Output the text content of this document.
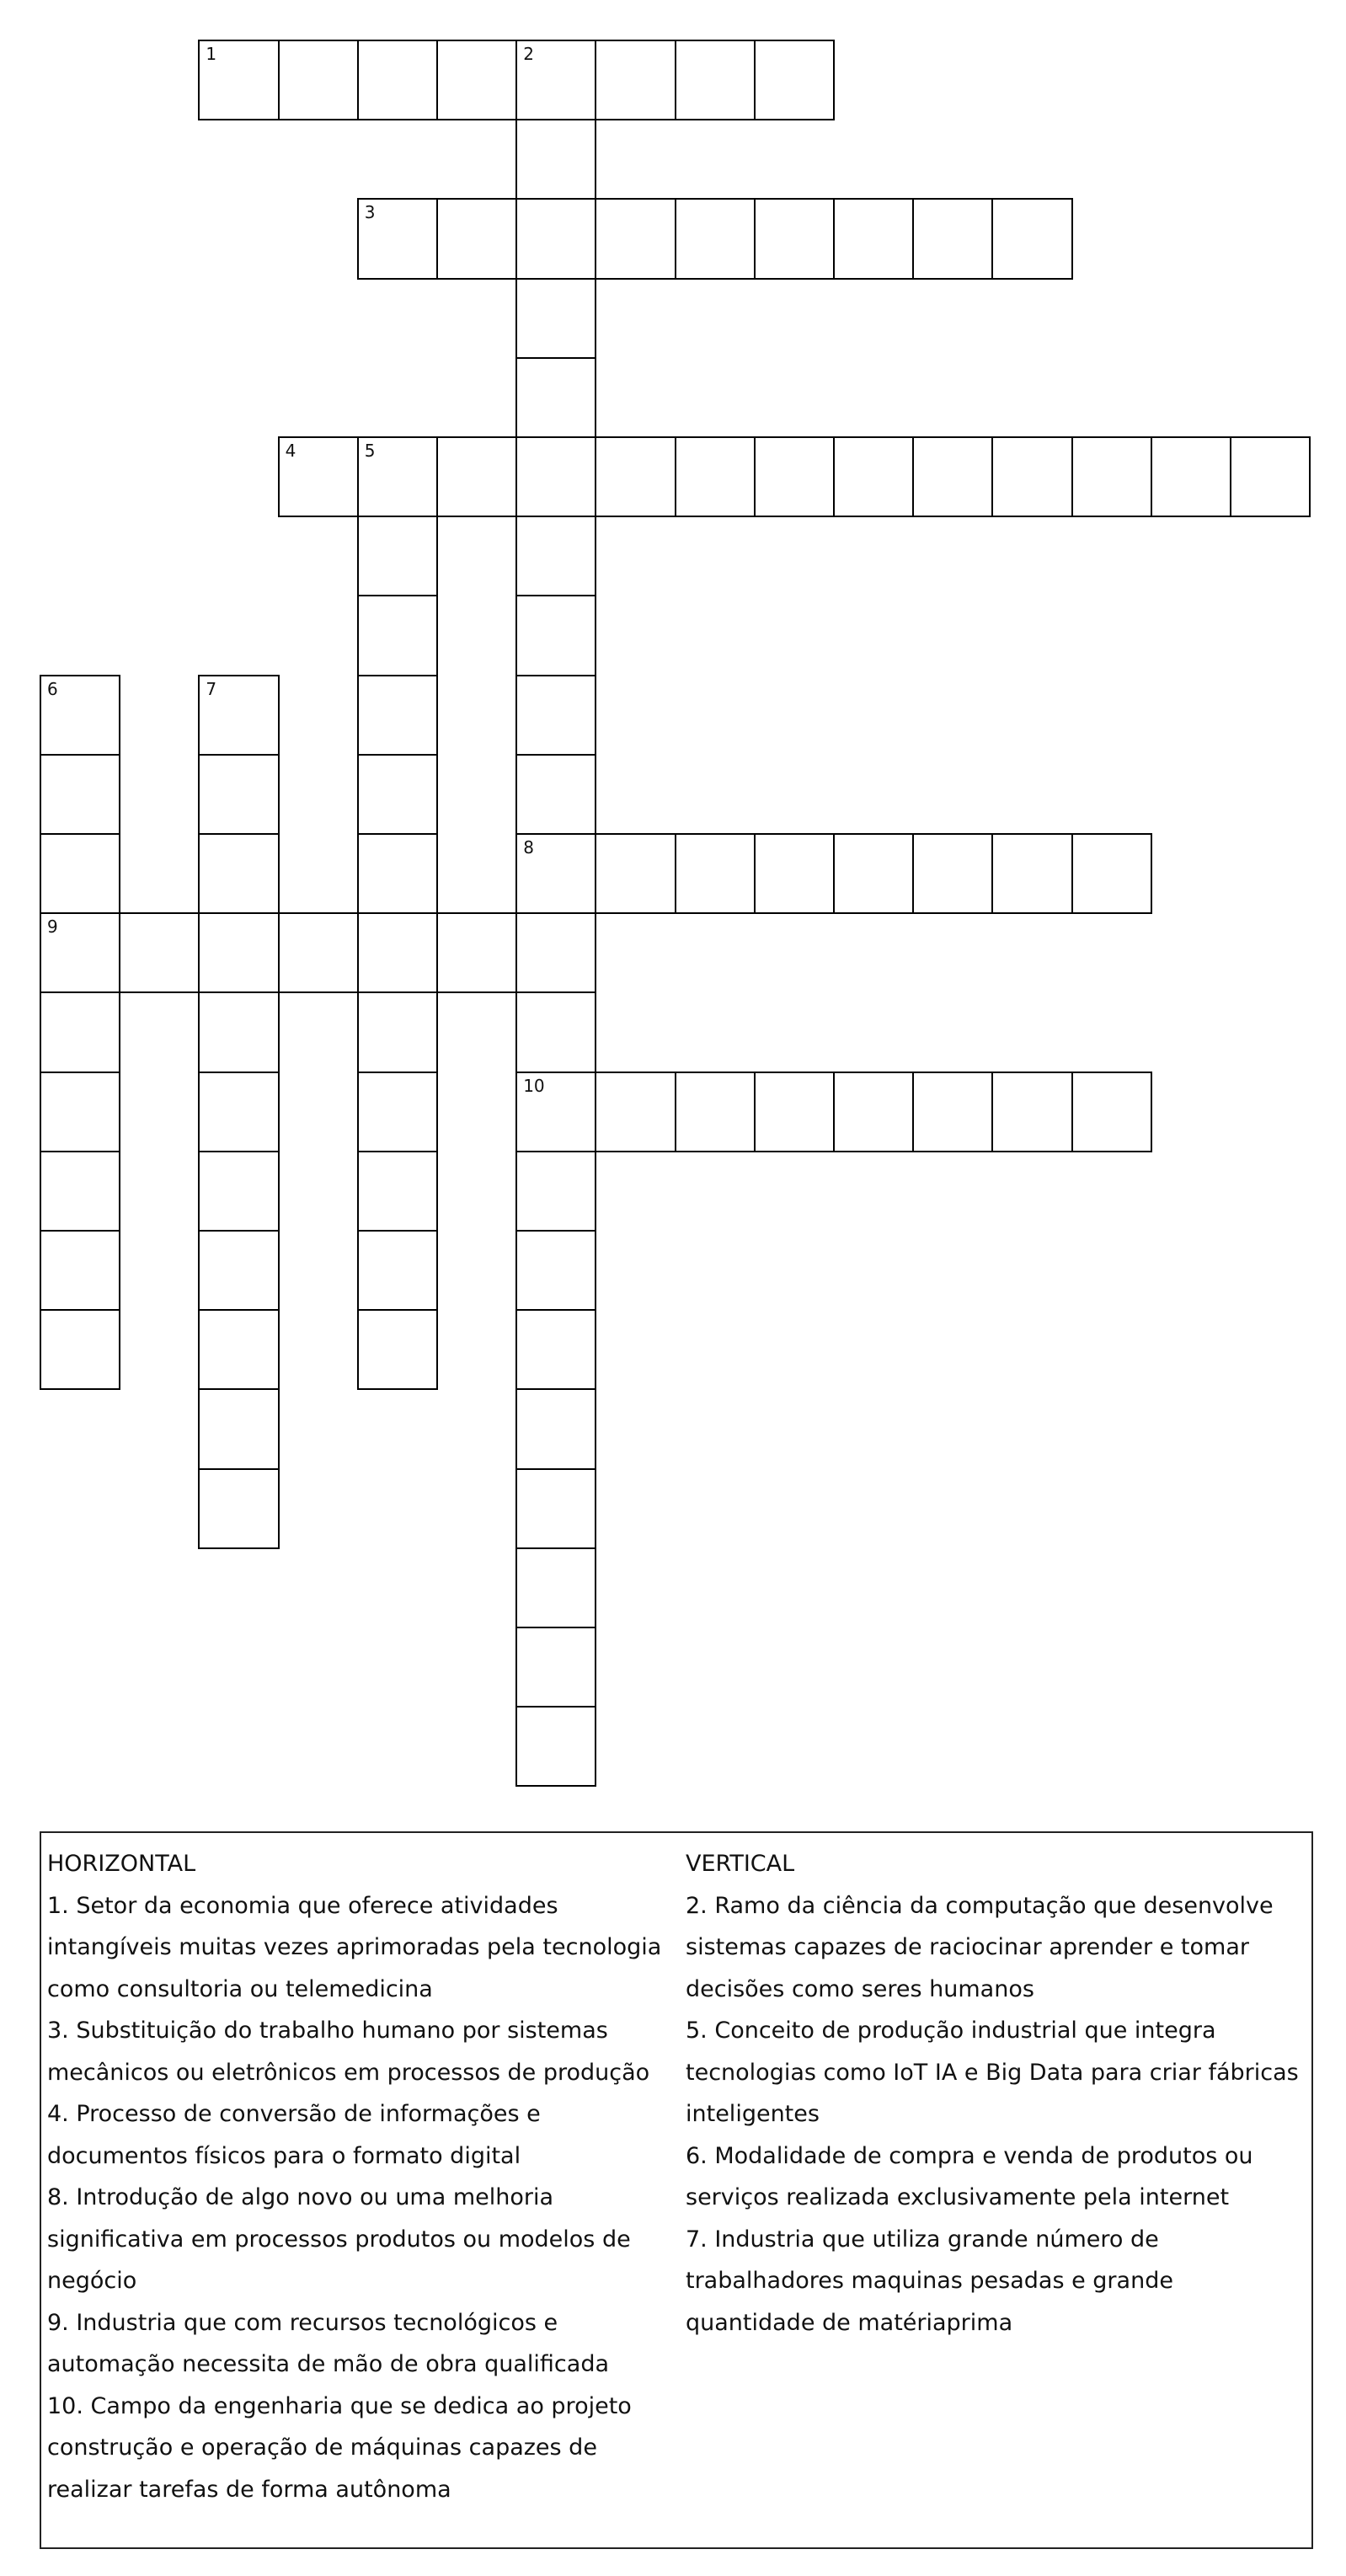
1	2
8
10
3
4	5
6
9
7

HORIZONTAL

1. Setor da economia que oferece atividades intangíveis muitas vezes aprimoradas pela tecnologia como consultoria ou telemedicina

3. Substituição do trabalho humano por sistemas mecânicos ou eletrônicos em processos de produção

4. Processo de conversão de informações e documentos físicos para o formato digital

8. Introdução de algo novo ou uma melhoria significativa em processos produtos ou modelos de negócio

9. Industria que com recursos tecnológicos e automação necessita de mão de obra qualificada

10. Campo da engenharia que se dedica ao projeto construção e operação de máquinas capazes de realizar tarefas de forma autônoma

VERTICAL

2. Ramo da ciência da computação que desenvolve sistemas capazes de raciocinar aprender e tomar decisões como seres humanos

5. Conceito de produção industrial que integra tecnologias como IoT IA e Big Data para criar fábricas inteligentes

6. Modalidade de compra e venda de produtos ou serviços realizada exclusivamente pela internet

7. Industria que utiliza grande número de trabalhadores maquinas pesadas e grande quantidade de matériaprima
